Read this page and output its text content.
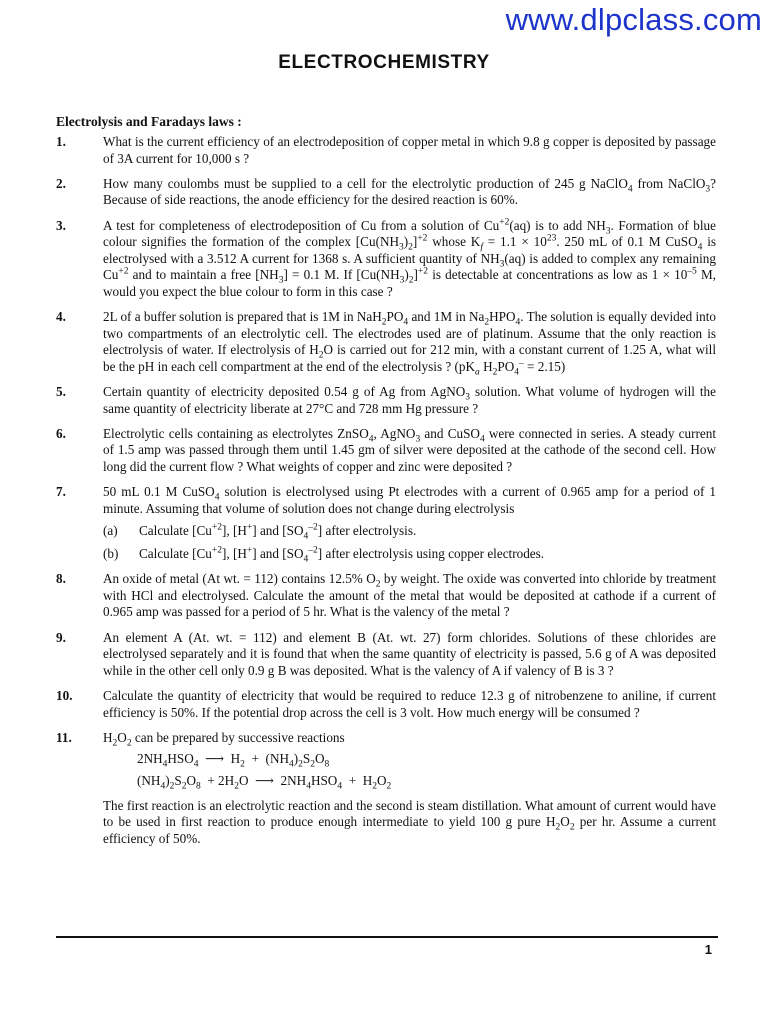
www.dlpclass.com
ELECTROCHEMISTRY
Electrolysis and Faradays laws :
1.	What is the current efficiency of an electrodeposition of copper metal in which 9.8 g copper is deposited by passage of 3A current for 10,000 s ?
2.	How many coulombs must be supplied to a cell for the electrolytic production of 245 g NaClO$_4$ from NaClO$_3$? Because of side reactions, the anode efficiency for the desired reaction is 60%.
3.	A test for completeness of electrodeposition of Cu from a solution of $Cu^{+2}(aq)$ is to add $NH_3$. Formation of blue colour signifies the formation of the complex $[Cu(NH_3)_2]^{+2}$ whose $K_f = 1.1 \times 10^{23}$. 250 mL of 0.1 M CuSO$_4$ is electrolysed with a 3.512 A current for 1368 s. A sufficient quantity of $NH_3(aq)$ is added to complex any remaining $Cu^{+2}$ and to maintain a free $[NH_3] = 0.1$ M. If $[Cu(NH_3)_2]^{+2}$ is detectable at concentrations as low as $1 \times 10^{-5}$ M, would you expect the blue colour to form in this case ?
4.	2L of a buffer solution is prepared that is 1M in $NaH_2PO_4$ and 1M in $Na_2HPO_4$. The solution is equally devided into two compartments of an electrolytic cell. The electrodes used are of platinum. Assume that the only reaction is electrolysis of water. If electrolysis of $H_2O$ is carried out for 212 min, with a constant current of 1.25 A, what will be the pH in each cell compartment at the end of the electrolysis ? ($pK_a$ $H_2PO_4^- = 2.15$)
5.	Certain quantity of electricity deposited 0.54 g of Ag from AgNO$_3$ solution. What volume of hydrogen will the same quantity of electricity liberate at 27°C and 728 mm Hg pressure ?
6.	Electrolytic cells containing as electrolytes ZnSO$_4$, AgNO$_3$ and CuSO$_4$ were connected in series. A steady current of 1.5 amp was passed through them until 1.45 gm of silver were deposited at the cathode of the second cell. How long did the current flow ? What weights of copper and zinc were deposited ?
7.	50 mL 0.1 M CuSO$_4$ solution is electrolysed using Pt electrodes with a current of 0.965 amp for a period of 1 minute. Assuming that volume of solution does not change during electrolysis
(a) Calculate $[Cu^{+2}]$, [H+] and $[SO_4^{-2}]$ after electrolysis.
(b) Calculate $[Cu^{+2}]$, [H+] and $[SO_4^{-2}]$ after electrolysis using copper electrodes.
8.	An oxide of metal (At wt. = 112) contains 12.5% $O_2$ by weight. The oxide was converted into chloride by treatment with HCl and electrolysed. Calculate the amount of the metal that would be deposited at cathode if a current of 0.965 amp was passed for a period of 5 hr. What is the valency of the metal ?
9.	An element A (At. wt. = 112) and element B (At. wt. 27) form chlorides. Solutions of these chlorides are electrolysed separately and it is found that when the same quantity of electricity is passed, 5.6 g of A was deposited while in the other cell only 0.9 g B was deposited. What is the valency of A if valency of B is 3 ?
10. Calculate the quantity of electricity that would be required to reduce 12.3 g of nitrobenzene to aniline, if current efficiency is 50%. If the potential drop across the cell is 3 volt. How much energy will be consumed ?
11. $H_2O_2$ can be prepared by successive reactions
$2NH_4HSO_4$  ⟶  $H_2 + (NH_4)_2S_2O_8$
$(NH_4)_2S_2O_8 + 2H_2O$  ⟶  $2NH_4HSO_4 + H_2O_2$
The first reaction is an electrolytic reaction and the second is steam distillation. What amount of current would have to be used in first reaction to produce enough intermediate to yield 100 g pure $H_2O_2$ per hr. Assume a current efficiency of 50%.
1
